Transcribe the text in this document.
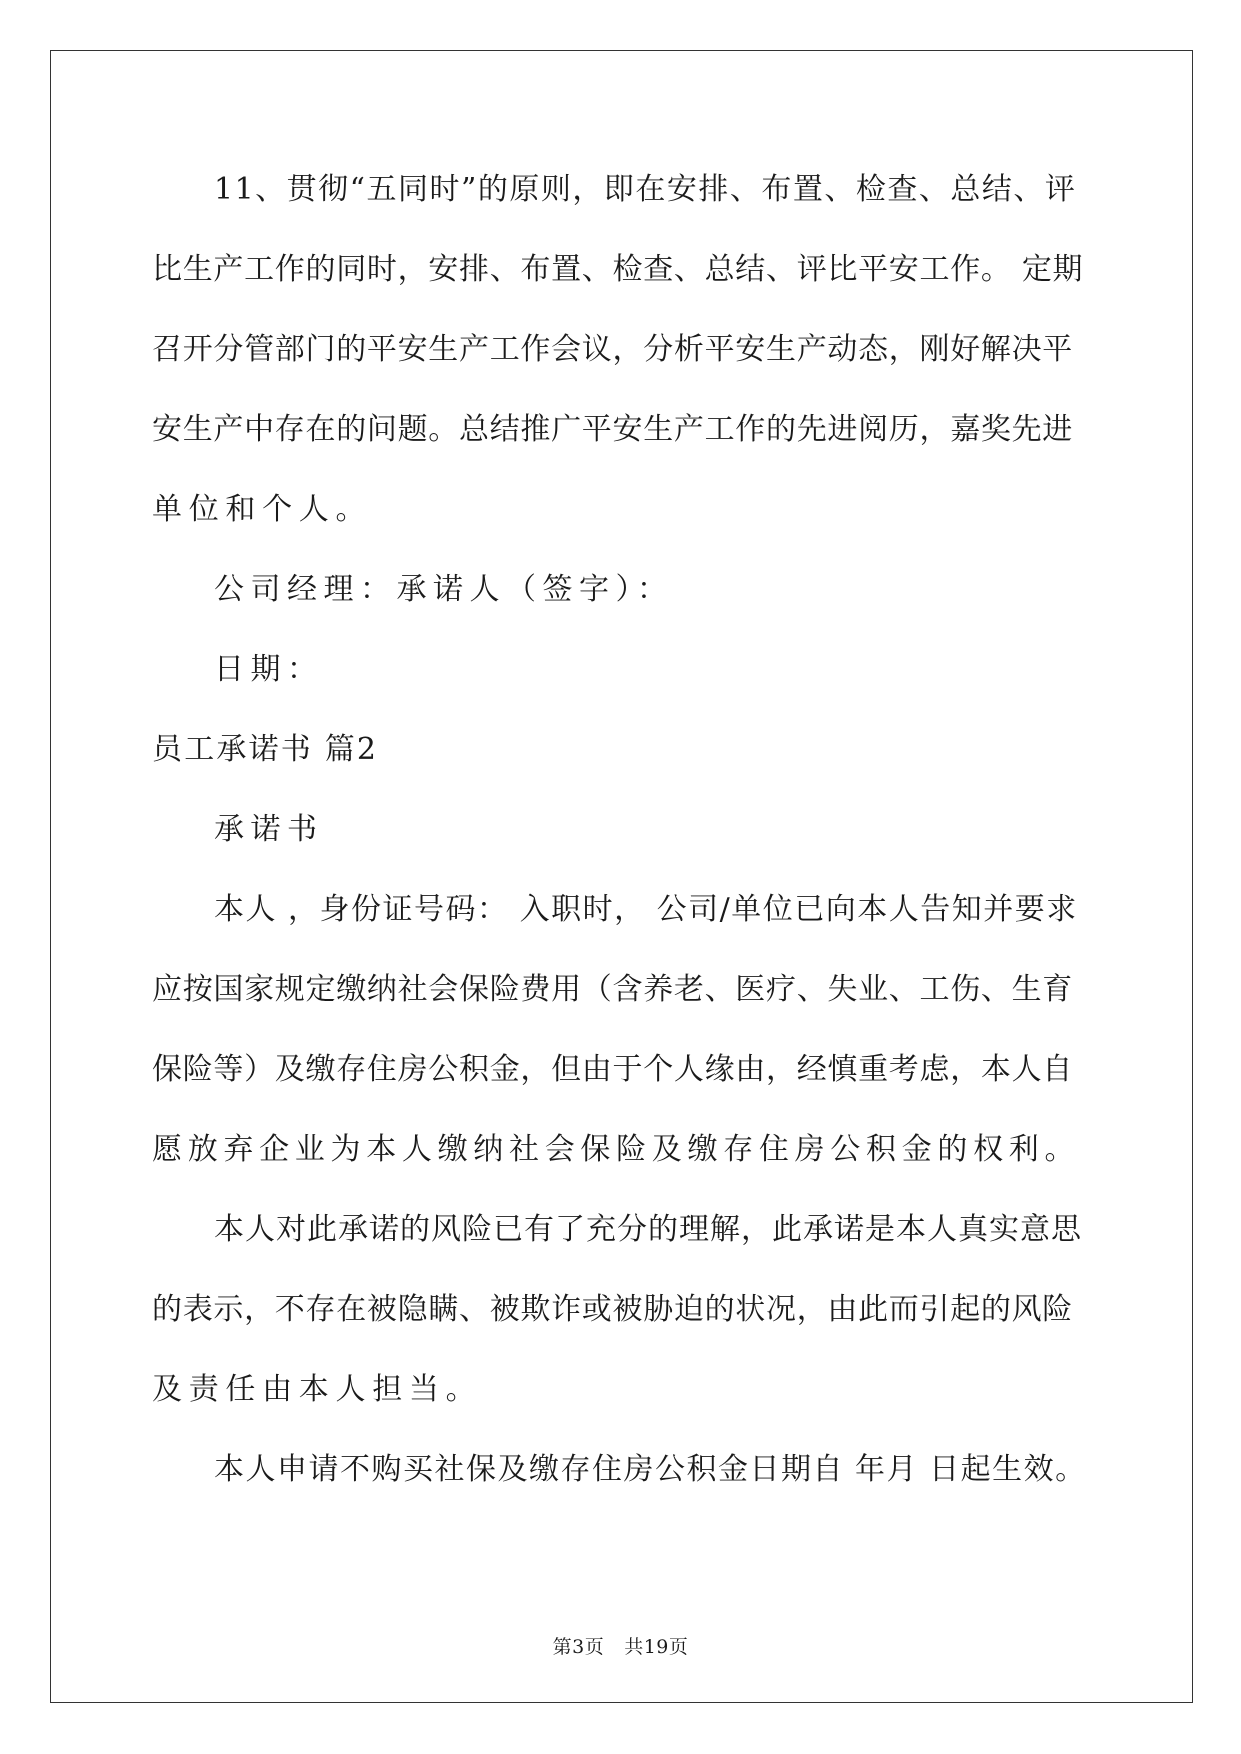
11、贯彻“五同时”的原则，即在安排、布置、检查、总结、评
比生产工作的同时，安排、布置、检查、总结、评比平安工作。 定期
召开分管部门的平安生产工作会议，分析平安生产动态，刚好解决平
安生产中存在的问题。总结推广平安生产工作的先进阅历，嘉奖先进
单位和个人。
公司经理：承诺人（签字）：
日期：
员工承诺书 篇2
承诺书
本人 ，身份证号码： 入职时， 公司/单位已向本人告知并要求
应按国家规定缴纳社会保险费用（含养老、医疗、失业、工伤、生育
保险等）及缴存住房公积金，但由于个人缘由，经慎重考虑，本人自
愿放弃企业为本人缴纳社会保险及缴存住房公积金的权利。
本人对此承诺的风险已有了充分的理解，此承诺是本人真实意思
的表示，不存在被隐瞒、被欺诈或被胁迫的状况，由此而引起的风险
及责任由本人担当。
本人申请不购买社保及缴存住房公积金日期自 年月 日起生效。
第3页 共19页
